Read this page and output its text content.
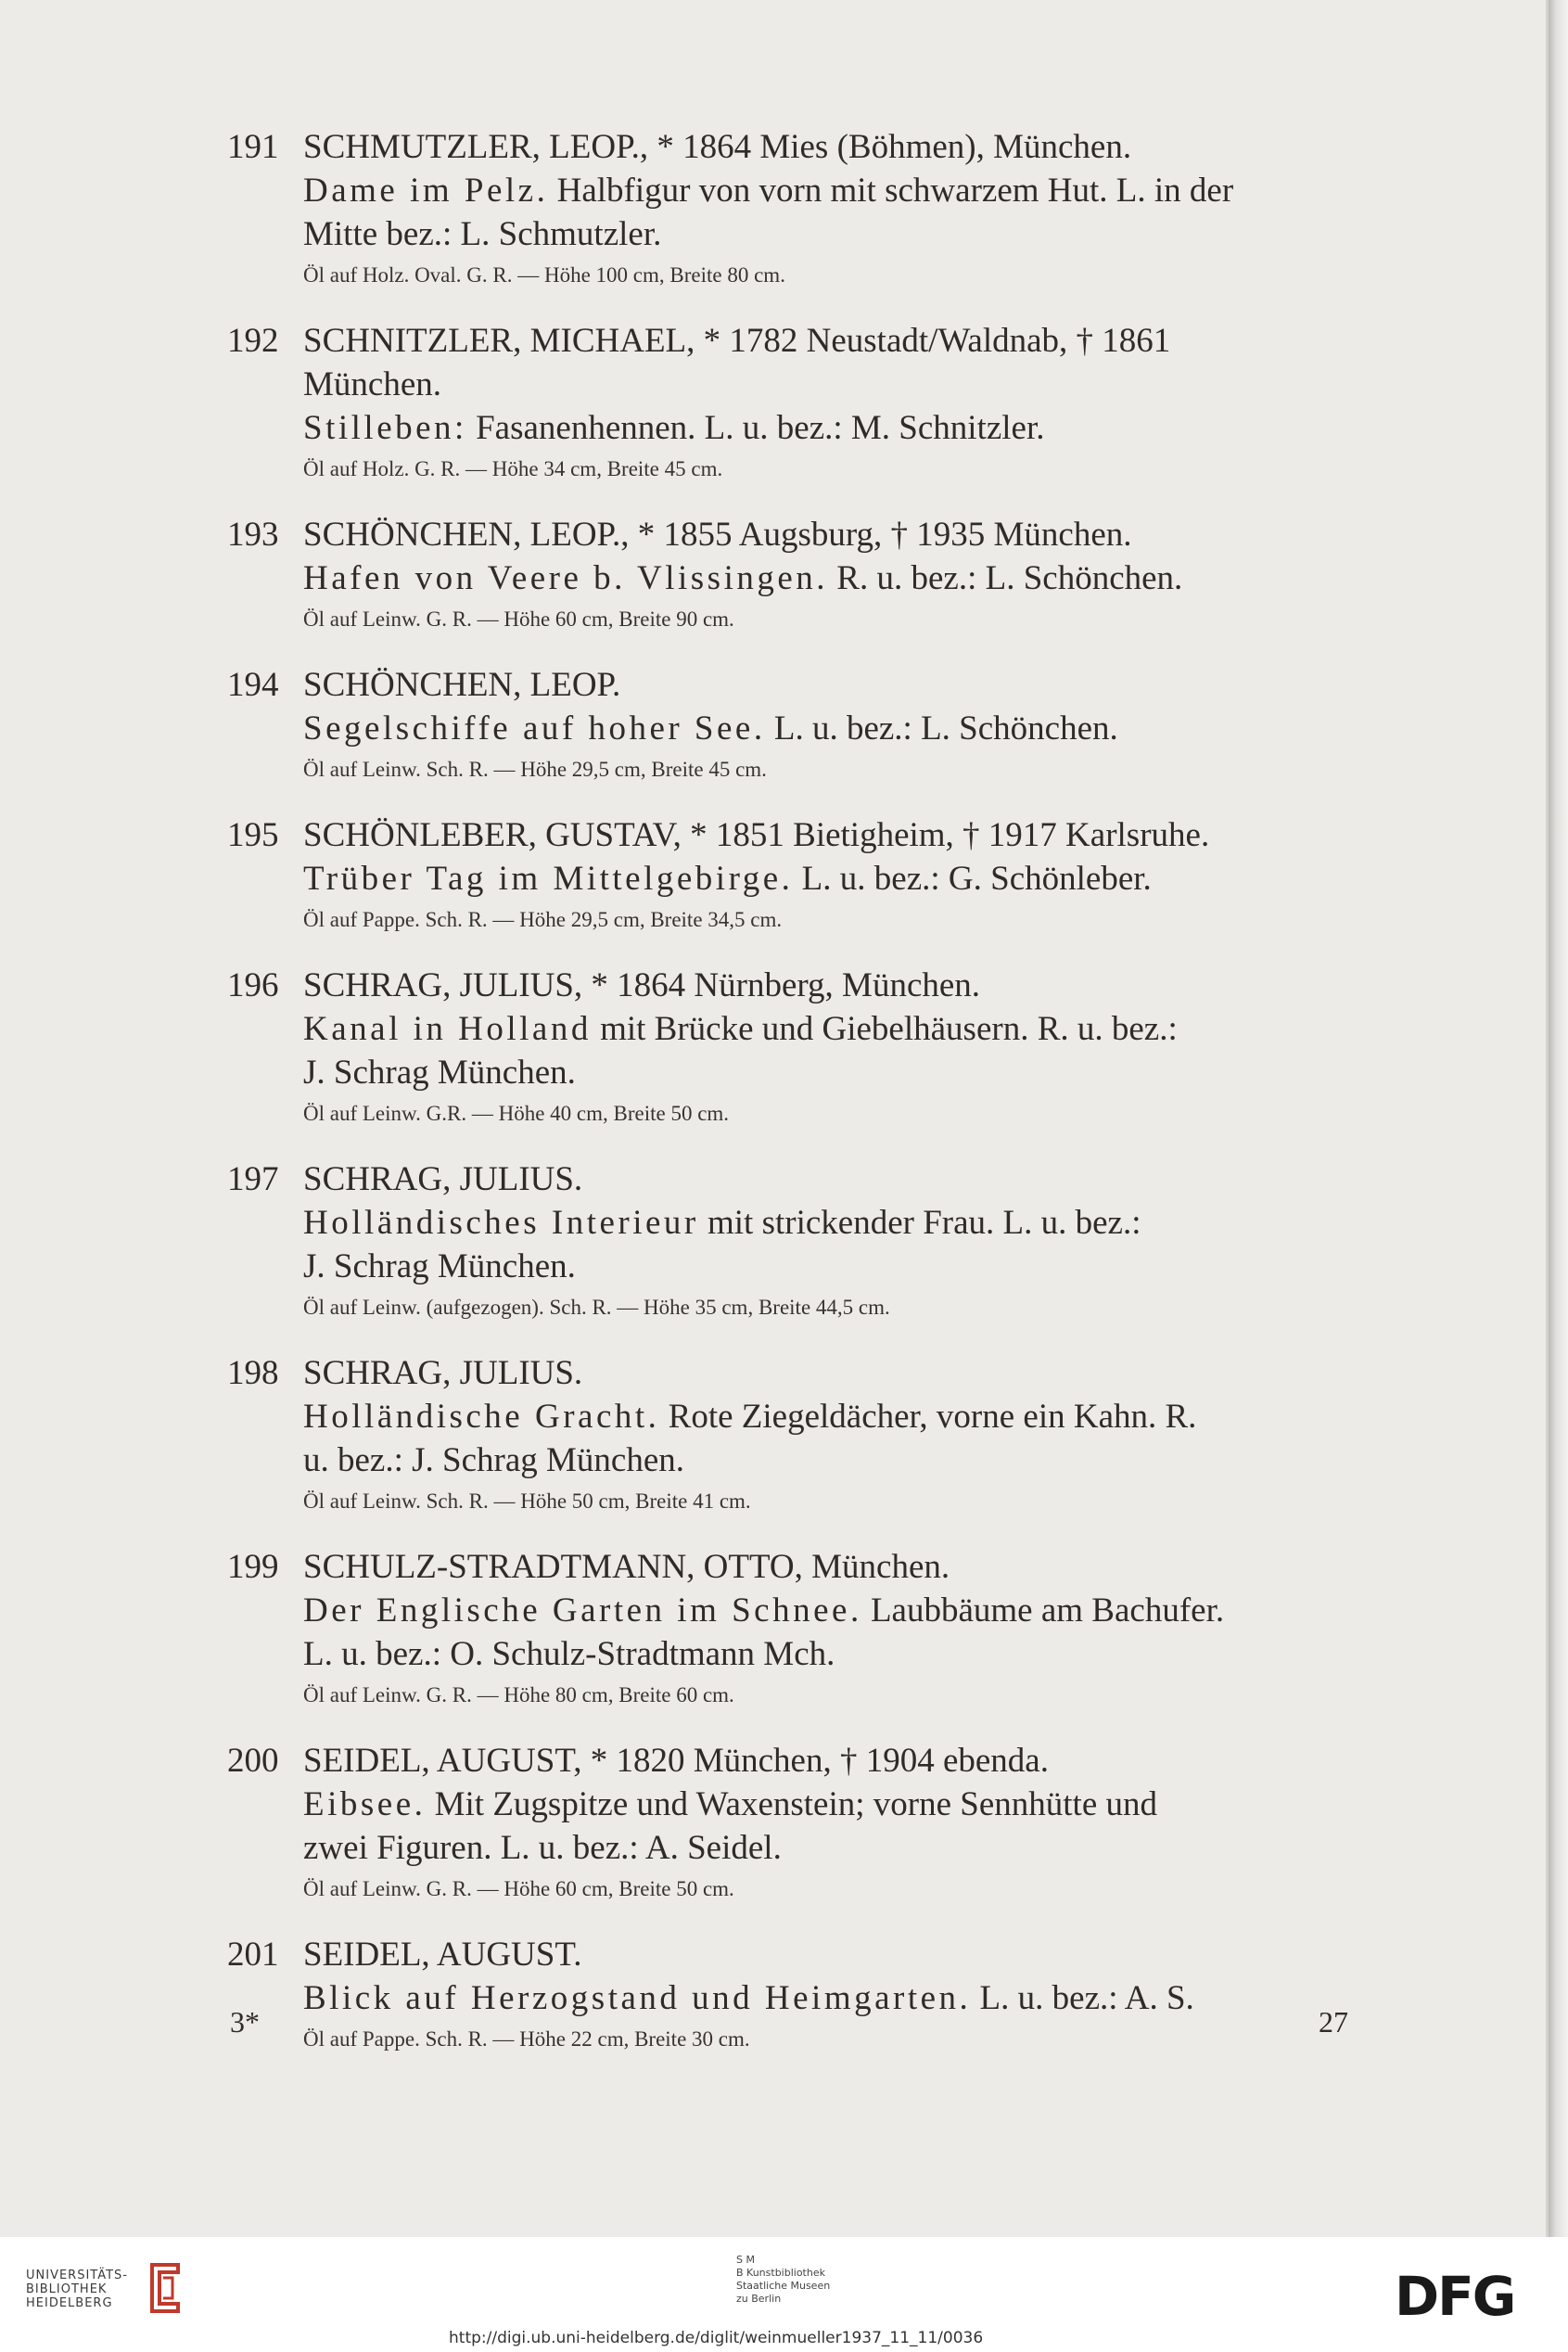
191 SCHMUTZLER, LEOP., * 1864 Mies (Böhmen), München.
Dame im Pelz. Halbfigur von vorn mit schwarzem Hut. L. in der
Mitte bez.: L. Schmutzler.
Öl auf Holz. Oval. G. R. — Höhe 100 cm, Breite 80 cm.
192 SCHNITZLER, MICHAEL, * 1782 Neustadt/Waldnab, † 1861
München.
Stilleben: Fasanenhennen. L. u. bez.: M. Schnitzler.
Öl auf Holz. G. R. — Höhe 34 cm, Breite 45 cm.
193 SCHÖNCHEN, LEOP., * 1855 Augsburg, † 1935 München.
Hafen von Veere b. Vlissingen. R. u. bez.: L. Schönchen.
Öl auf Leinw. G. R. — Höhe 60 cm, Breite 90 cm.
194 SCHÖNCHEN, LEOP.
Segelschiffe auf hoher See. L. u. bez.: L. Schönchen.
Öl auf Leinw. Sch. R. — Höhe 29,5 cm, Breite 45 cm.
195 SCHÖNLEBER, GUSTAV, * 1851 Bietigheim, † 1917 Karlsruhe.
Trüber Tag im Mittelgebirge. L. u. bez.: G. Schönleber.
Öl auf Pappe. Sch. R. — Höhe 29,5 cm, Breite 34,5 cm.
196 SCHRAG, JULIUS, * 1864 Nürnberg, München.
Kanal in Holland mit Brücke und Giebelhäusern. R. u. bez.:
J. Schrag München.
Öl auf Leinw. G.R. — Höhe 40 cm, Breite 50 cm.
197 SCHRAG, JULIUS.
Holländisches Interieur mit strickender Frau. L. u. bez.:
J. Schrag München.
Öl auf Leinw. (aufgezogen). Sch. R. — Höhe 35 cm, Breite 44,5 cm.
198 SCHRAG, JULIUS.
Holländische Gracht. Rote Ziegeldächer, vorne ein Kahn. R.
u. bez.: J. Schrag München.
Öl auf Leinw. Sch. R. — Höhe 50 cm, Breite 41 cm.
199 SCHULZ-STRADTMANN, OTTO, München.
Der Englische Garten im Schnee. Laubbäume am Bachufer.
L. u. bez.: O. Schulz-Stradtmann Mch.
Öl auf Leinw. G. R. — Höhe 80 cm, Breite 60 cm.
200 SEIDEL, AUGUST, * 1820 München, † 1904 ebenda.
Eibsee. Mit Zugspitze und Waxenstein; vorne Sennhütte und
zwei Figuren. L. u. bez.: A. Seidel.
Öl auf Leinw. G. R. — Höhe 60 cm, Breite 50 cm.
201 SEIDEL, AUGUST.
Blick auf Herzogstand und Heimgarten. L. u. bez.: A. S.
Öl auf Pappe. Sch. R. — Höhe 22 cm, Breite 30 cm.
3*	27
UNIVERSITÄTS-
BIBLIOTHEK
HEIDELBERG
S M
B Kunstbibliothek
Staatliche Museen
zu Berlin	DFG
http://digi.ub.uni-heidelberg.de/diglit/weinmueller1937_11_11/0036
